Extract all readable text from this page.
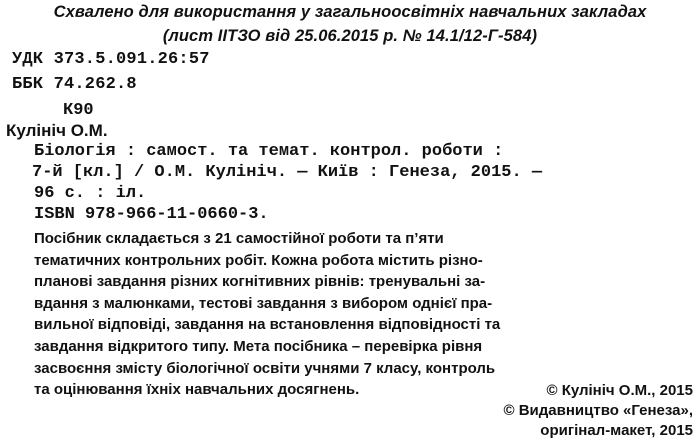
Схвалено для використання у загальноосвітніх навчальних закладах
(лист ІІТЗО від 25.06.2015 р. № 14.1/12-Г-584)
УДК 373.5.091.26:57
ББК 74.262.8
К90
Кулініч О.М.
Біологія : самост. та темат. контрол. роботи :
7-й [кл.] / О.М. Кулініч. — Київ : Генеза, 2015. —
96 с. : іл.
ISBN 978-966-11-0660-3.
Посібник складається з 21 самостійної роботи та п’яти
тематичних контрольних робіт. Кожна робота містить різно-
планові завдання різних когнітивних рівнів: тренувальні за-
вдання з малюнками, тестові завдання з вибором однієї пра-
вильної відповіді, завдання на встановлення відповідності та
завдання відкритого типу. Мета посібника – перевірка рівня
засвоєння змісту біологічної освіти учнями 7 класу, контроль
та оцінювання їхніх навчальних досягнень.	© Кулініч О.М., 2015
© Видавництво «Генеза»,
оригінал-макет, 2015
